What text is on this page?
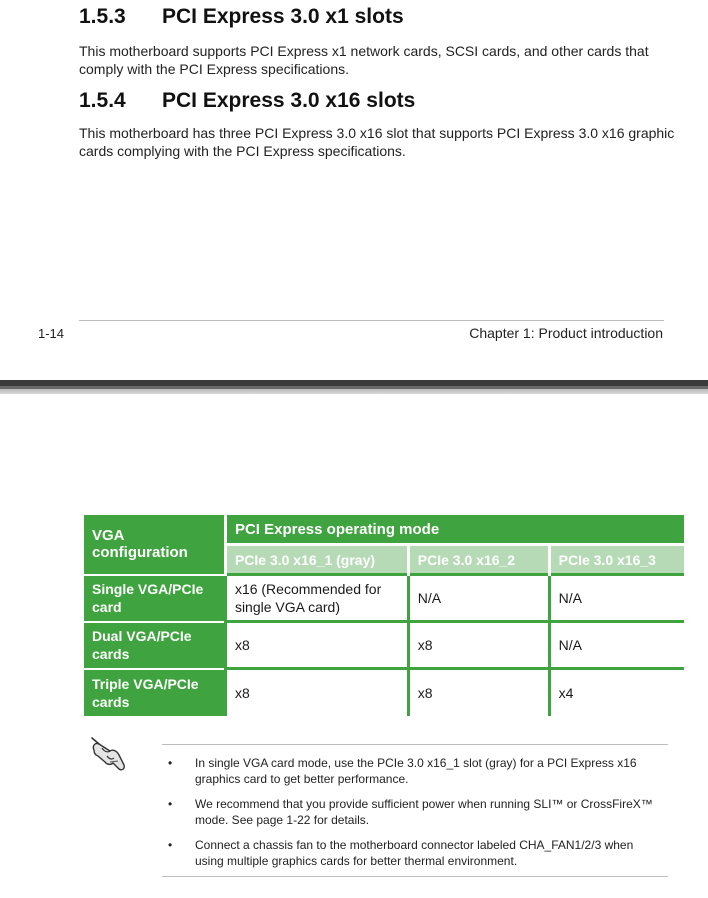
1.5.3	PCI Express 3.0 x1 slots
This motherboard supports PCI Express x1 network cards, SCSI cards, and other cards that comply with the PCI Express specifications.
1.5.4	PCI Express 3.0 x16 slots
This motherboard has three PCI Express 3.0 x16 slot that supports PCI Express 3.0 x16 graphic cards complying with the PCI Express specifications.
1-14	Chapter 1: Product introduction
VGA configuration	PCI Express operating mode		
	PCIe 3.0 x16_1 (gray)	PCIe 3.0 x16_2	PCIe 3.0 x16_3
Single VGA/PCIe card	x16 (Recommended for single VGA card)	N/A	N/A
Dual VGA/PCIe cards	x8	x8	N/A
Triple VGA/PCIe cards	x8	x8	x4
• In single VGA card mode, use the PCIe 3.0 x16_1 slot (gray) for a PCI Express x16 graphics card to get better performance.
• We recommend that you provide sufficient power when running SLI™ or CrossFireX™ mode. See page 1-22 for details.
• Connect a chassis fan to the motherboard connector labeled CHA_FAN1/2/3 when using multiple graphics cards for better thermal environment.
